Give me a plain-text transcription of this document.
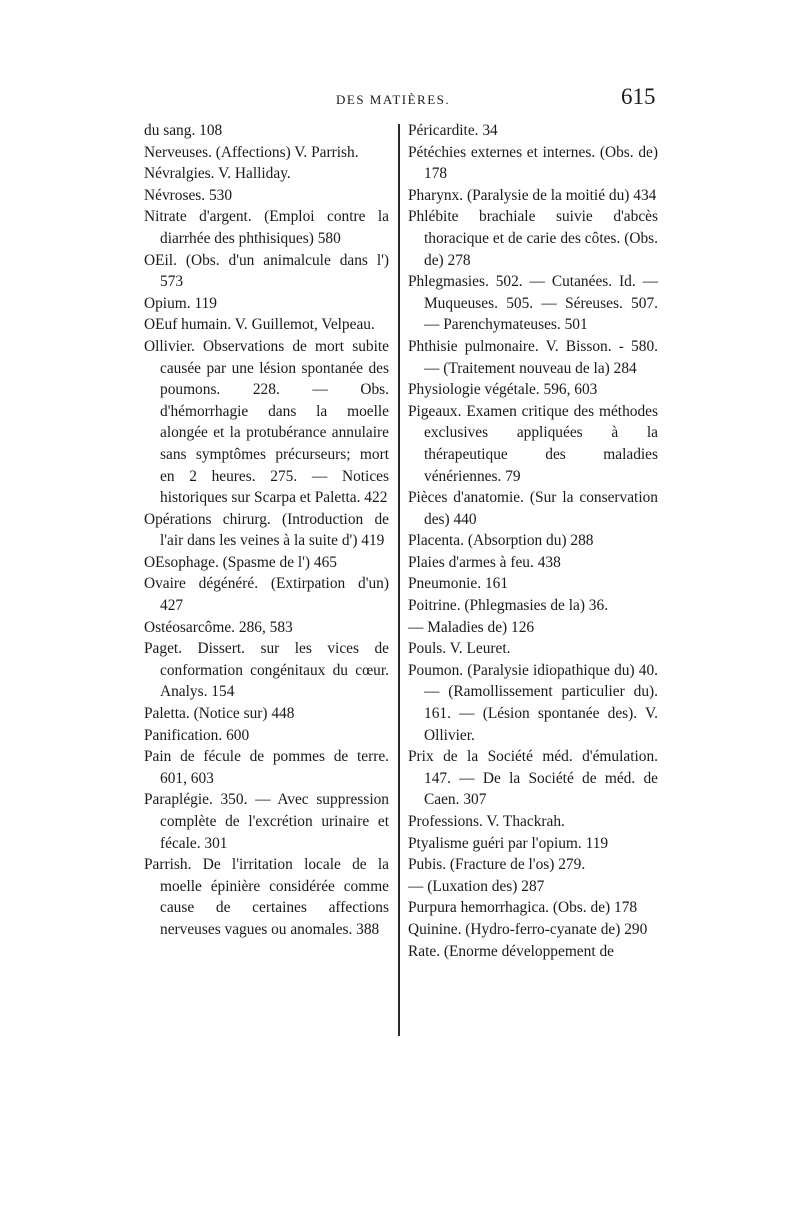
DES MATIÈRES.	615

du sang. 108

Nerveuses. (Affections) V. Parrish.

Névralgies. V. Halliday.

Névroses. 530

Nitrate d'argent. (Emploi contre la diarrhée des phthisiques) 580

OEil. (Obs. d'un animalcule dans l') 573

Opium. 119

OEuf humain. V. Guillemot, Velpeau.

Ollivier. Observations de mort subite causée par une lésion spontanée des poumons. 228. — Obs. d'hémorrhagie dans la moelle alongée et la protubérance annulaire sans symptômes précurseurs; mort en 2 heures. 275. — Notices historiques sur Scarpa et Paletta. 422

Opérations chirurg. (Introduction de l'air dans les veines à la suite d') 419

OEsophage. (Spasme de l') 465

Ovaire dégénéré. (Extirpation d'un) 427

Ostéosarcôme. 286, 583

Paget. Dissert. sur les vices de conformation congénitaux du cœur. Analys. 154

Paletta. (Notice sur) 448

Panification. 600

Pain de fécule de pommes de terre. 601, 603

Paraplégie. 350. — Avec suppression complète de l'excrétion urinaire et fécale. 301

Parrish. De l'irritation locale de la moelle épinière considérée comme cause de certaines affections nerveuses vagues ou anomales. 388

Péricardite. 34

Pétéchies externes et internes. (Obs. de) 178

Pharynx. (Paralysie de la moitié du) 434

Phlébite brachiale suivie d'abcès thoracique et de carie des côtes. (Obs. de) 278

Phlegmasies. 502. — Cutanées. Id. — Muqueuses. 505. — Séreuses. 507. — Parenchymateuses. 501

Phthisie pulmonaire. V. Bisson. - 580. — (Traitement nouveau de la) 284

Physiologie végétale. 596, 603

Pigeaux. Examen critique des méthodes exclusives appliquées à la thérapeutique des maladies vénériennes. 79

Pièces d'anatomie. (Sur la conservation des) 440

Placenta. (Absorption du) 288

Plaies d'armes à feu. 438

Pneumonie. 161

Poitrine. (Phlegmasies de la) 36.

— Maladies de) 126

Pouls. V. Leuret.

Poumon. (Paralysie idiopathique du) 40. — (Ramollissement particulier du). 161. — (Lésion spontanée des). V. Ollivier.

Prix de la Société méd. d'émulation. 147. — De la Société de méd. de Caen. 307

Professions. V. Thackrah.

Ptyalisme guéri par l'opium. 119

Pubis. (Fracture de l'os) 279.

— (Luxation des) 287

Purpura hemorrhagica. (Obs. de) 178

Quinine. (Hydro-ferro-cyanate de) 290

Rate. (Enorme développement de
